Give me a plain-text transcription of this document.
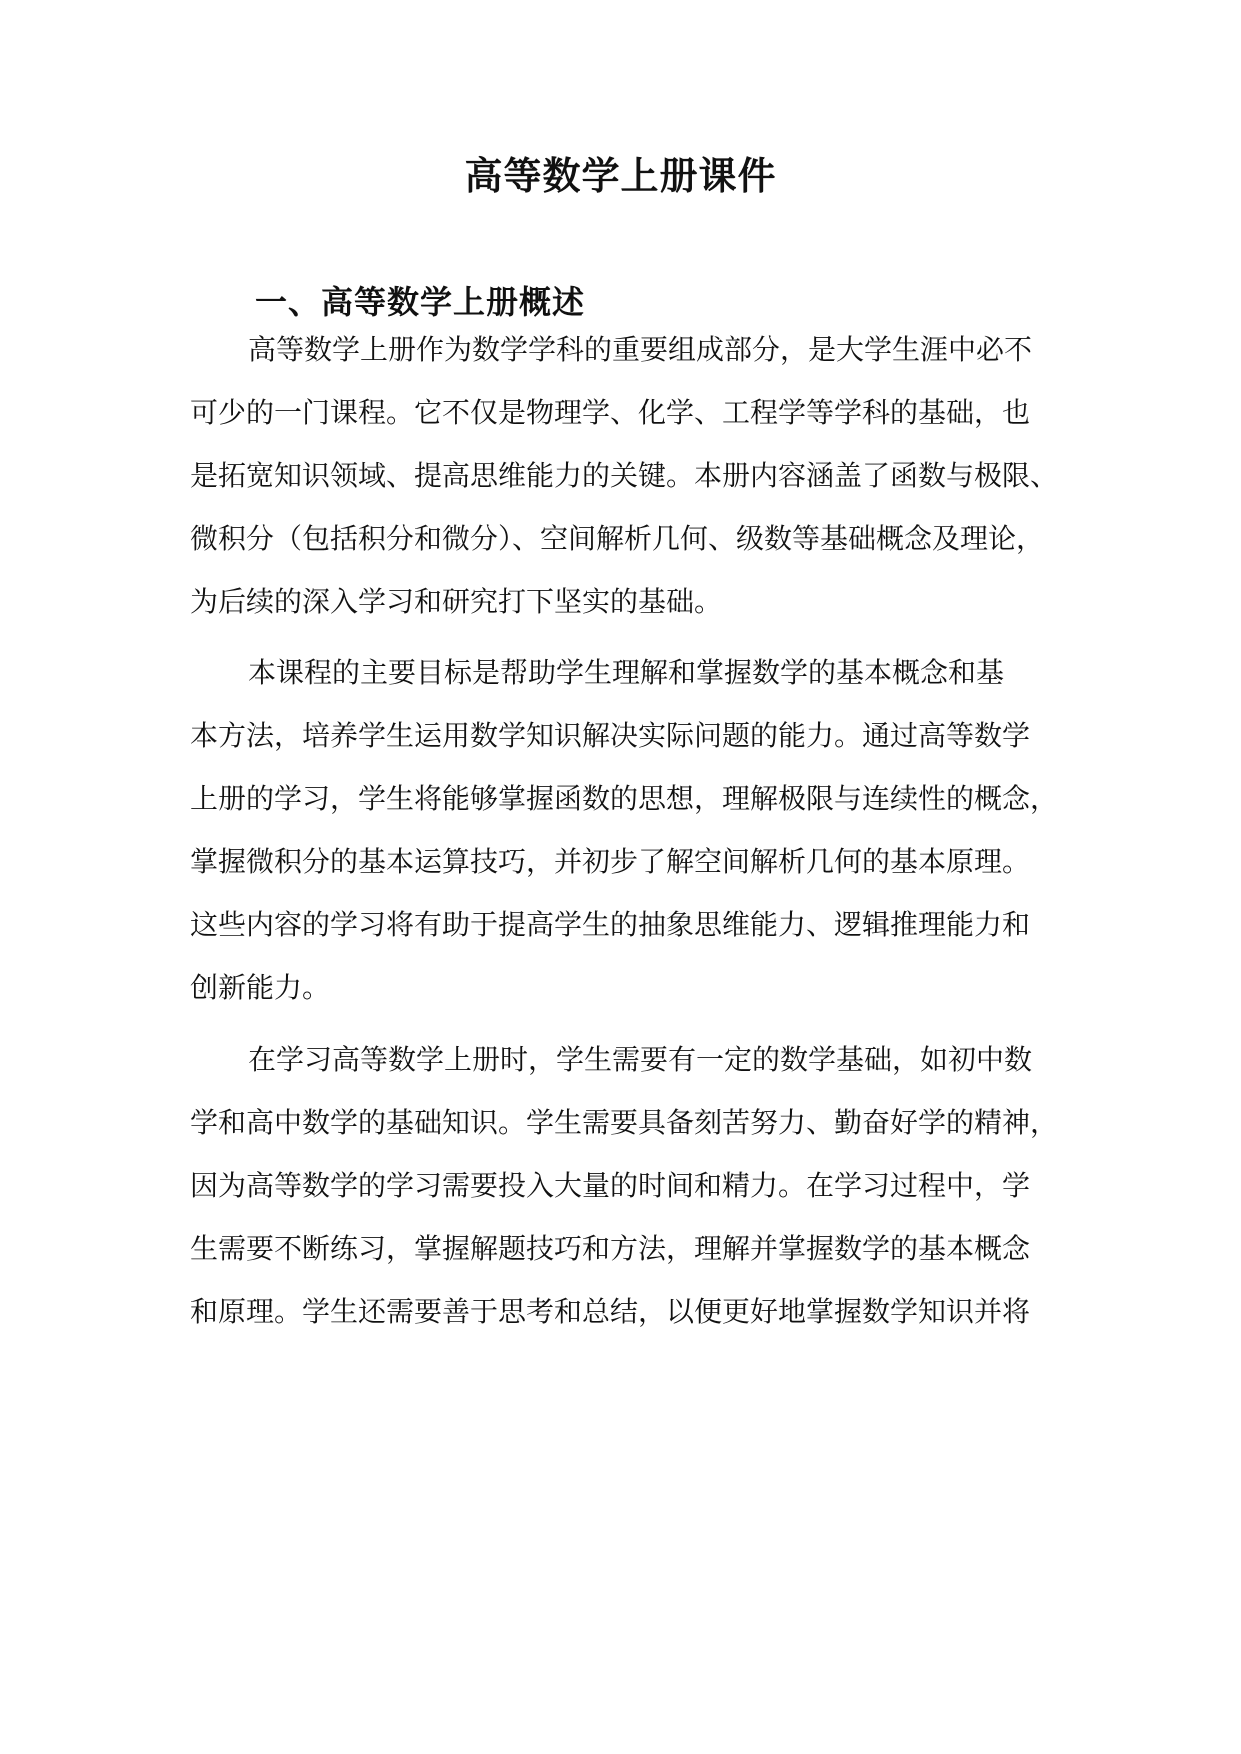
高等数学上册课件
一、高等数学上册概述
高等数学上册作为数学学科的重要组成部分，是大学生涯中必不
可少的一门课程。它不仅是物理学、化学、工程学等学科的基础，也
是拓宽知识领域、提高思维能力的关键。本册内容涵盖了函数与极限、
微积分（包括积分和微分）、空间解析几何、级数等基础概念及理论，
为后续的深入学习和研究打下坚实的基础。
本课程的主要目标是帮助学生理解和掌握数学的基本概念和基
本方法，培养学生运用数学知识解决实际问题的能力。通过高等数学
上册的学习，学生将能够掌握函数的思想，理解极限与连续性的概念，
掌握微积分的基本运算技巧，并初步了解空间解析几何的基本原理。
这些内容的学习将有助于提高学生的抽象思维能力、逻辑推理能力和
创新能力。
在学习高等数学上册时，学生需要有一定的数学基础，如初中数
学和高中数学的基础知识。学生需要具备刻苦努力、勤奋好学的精神，
因为高等数学的学习需要投入大量的时间和精力。在学习过程中，学
生需要不断练习，掌握解题技巧和方法，理解并掌握数学的基本概念
和原理。学生还需要善于思考和总结，以便更好地掌握数学知识并将
